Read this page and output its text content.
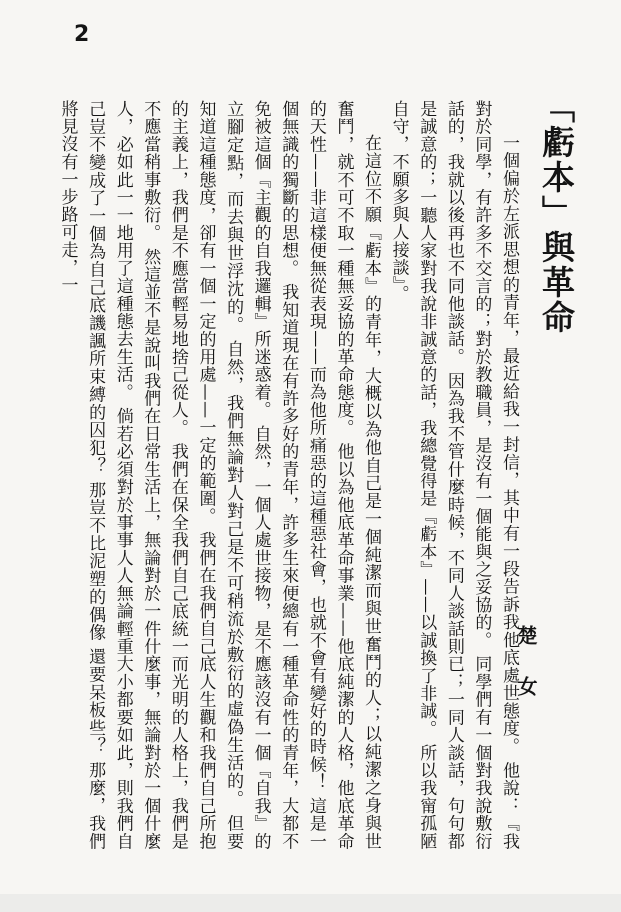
2
「虧本」與革命
楚 女

一個偏於左派思想的青年，最近給我一封信，其中有一段告訴我他底處世態度。 他說：『我對於同學，有許多不交言的；對於教職員，是沒有一個能與之妥協的。 同學們有一個對我說敷衍話的，我就以後再也不同他談話。 因為我不管什麼時候，不同人談話則已；一同人談話，句句都是誠意的；一聽人家對我說非誠意的話，我總覺得是『虧本』——以誠換了非誠。 所以我甯孤陋自守，不願多與人接談』。

在這位不願『虧本』的青年，大概以為他自己是一個純潔而與世奮鬥的人；以純潔之身與世奮鬥，就不可不取一種無妥協的革命態度。 他以為他底革命事業——他底純潔的人格，他底革命的天性——非這樣便無從表現——而為他所痛惡的這種惡社會，也就不會有變好的時候！ 這是一個無識的獨斷的思想。 我知道現在有許多好的青年，許多生來便總有一種革命性的青年，大都不免被這個『主觀的自我邏輯』所迷惑着。 自然，一個人處世接物，是不應該沒有一個『自我』的立腳定點，而去與世浮沈的。 自然，我們無論對人對己是不可稍流於敷衍的虛偽生活的。 但要知道這種態度，卻有一個一定的用處——一定的範圍。 我們在我們自己底人生觀和我們自己所抱的主義上，我們是不應當輕易地捨己從人。 我們在保全我們自己底統一而光明的人格上，我們是不應當稍事敷衍。 然這並不是說叫我們在日常生活上，無論對於一件什麼事，無論對於一個什麼人，必如此一一地用了這種態去生活。 倘若必須對於事事人人無論輕重大小都要如此，則我們自己豈不變成了一個為自己底譏諷所束縛的囚犯？ 那豈不比泥塑的偶像 還要呆板些？ 那麼，我們將見沒有一步路可走，一
